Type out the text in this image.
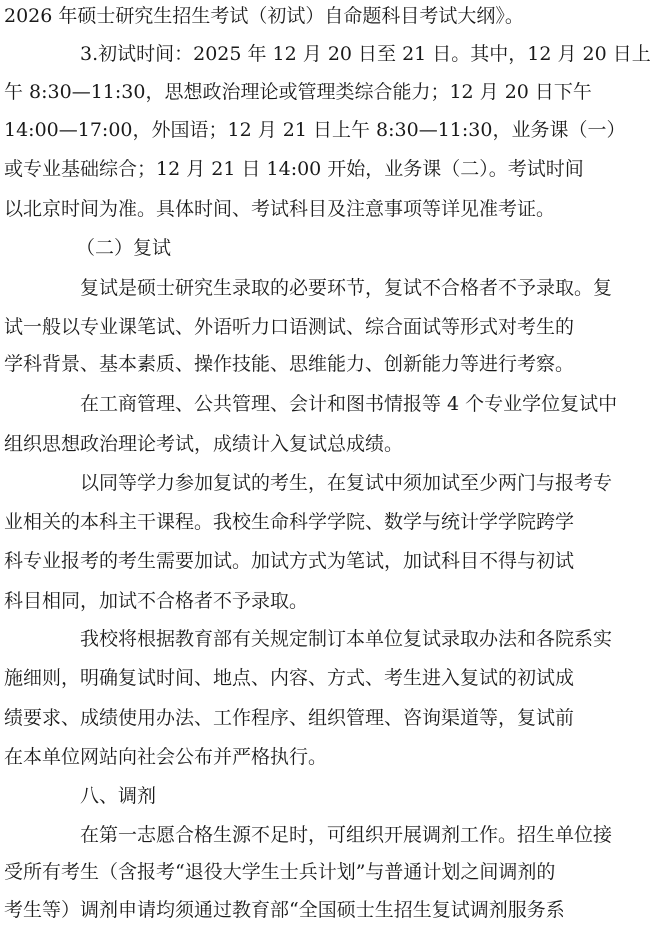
2026 年硕士研究生招生考试（初试）自命题科目考试大纲》。
3.初试时间：2025 年 12 月 20 日至 21 日。其中，12 月 20 日上
午 8:30—11:30，思想政治理论或管理类综合能力；12 月 20 日下午
14:00—17:00，外国语；12 月 21 日上午 8:30—11:30，业务课（一）
或专业基础综合；12 月 21 日 14:00 开始，业务课（二）。考试时间
以北京时间为准。具体时间、考试科目及注意事项等详见准考证。
（二）复试
复试是硕士研究生录取的必要环节，复试不合格者不予录取。复
试一般以专业课笔试、外语听力口语测试、综合面试等形式对考生的
学科背景、基本素质、操作技能、思维能力、创新能力等进行考察。
在工商管理、公共管理、会计和图书情报等 4 个专业学位复试中
组织思想政治理论考试，成绩计入复试总成绩。
以同等学力参加复试的考生，在复试中须加试至少两门与报考专
业相关的本科主干课程。我校生命科学学院、数学与统计学学院跨学
科专业报考的考生需要加试。加试方式为笔试，加试科目不得与初试
科目相同，加试不合格者不予录取。
我校将根据教育部有关规定制订本单位复试录取办法和各院系实
施细则，明确复试时间、地点、内容、方式、考生进入复试的初试成
绩要求、成绩使用办法、工作程序、组织管理、咨询渠道等，复试前
在本单位网站向社会公布并严格执行。
八、调剂
在第一志愿合格生源不足时，可组织开展调剂工作。招生单位接
受所有考生（含报考“退役大学生士兵计划”与普通计划之间调剂的
考生等）调剂申请均须通过教育部“全国硕士生招生复试调剂服务系
